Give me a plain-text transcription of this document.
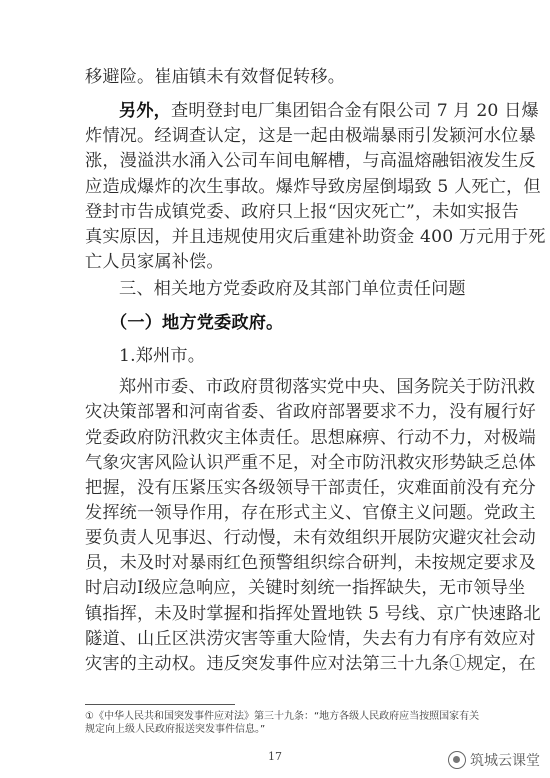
移避险。崔庙镇未有效督促转移。
另外，查明登封电厂集团铝合金有限公司 7 月 20 日爆
炸情况。经调查认定，这是一起由极端暴雨引发颍河水位暴
涨，漫溢洪水涌入公司车间电解槽，与高温熔融铝液发生反
应造成爆炸的次生事故。爆炸导致房屋倒塌致 5 人死亡，但
登封市告成镇党委、政府只上报“因灾死亡”，未如实报告
真实原因，并且违规使用灾后重建补助资金 400 万元用于死
亡人员家属补偿。
三、相关地方党委政府及其部门单位责任问题
（一）地方党委政府。
1.郑州市。
郑州市委、市政府贯彻落实党中央、国务院关于防汛救
灾决策部署和河南省委、省政府部署要求不力，没有履行好
党委政府防汛救灾主体责任。思想麻痹、行动不力，对极端
气象灾害风险认识严重不足，对全市防汛救灾形势缺乏总体
把握，没有压紧压实各级领导干部责任，灾难面前没有充分
发挥统一领导作用，存在形式主义、官僚主义问题。党政主
要负责人见事迟、行动慢，未有效组织开展防灾避灾社会动
员，未及时对暴雨红色预警组织综合研判，未按规定要求及
时启动Ⅰ级应急响应，关键时刻统一指挥缺失，无市领导坐
镇指挥，未及时掌握和指挥处置地铁 5 号线、京广快速路北
隧道、山丘区洪涝灾害等重大险情，失去有力有序有效应对
灾害的主动权。违反突发事件应对法第三十九条①规定，在
①《中华人民共和国突发事件应对法》第三十九条：“地方各级人民政府应当按照国家有关
规定向上级人民政府报送突发事件信息。”
17	筑城云课堂
